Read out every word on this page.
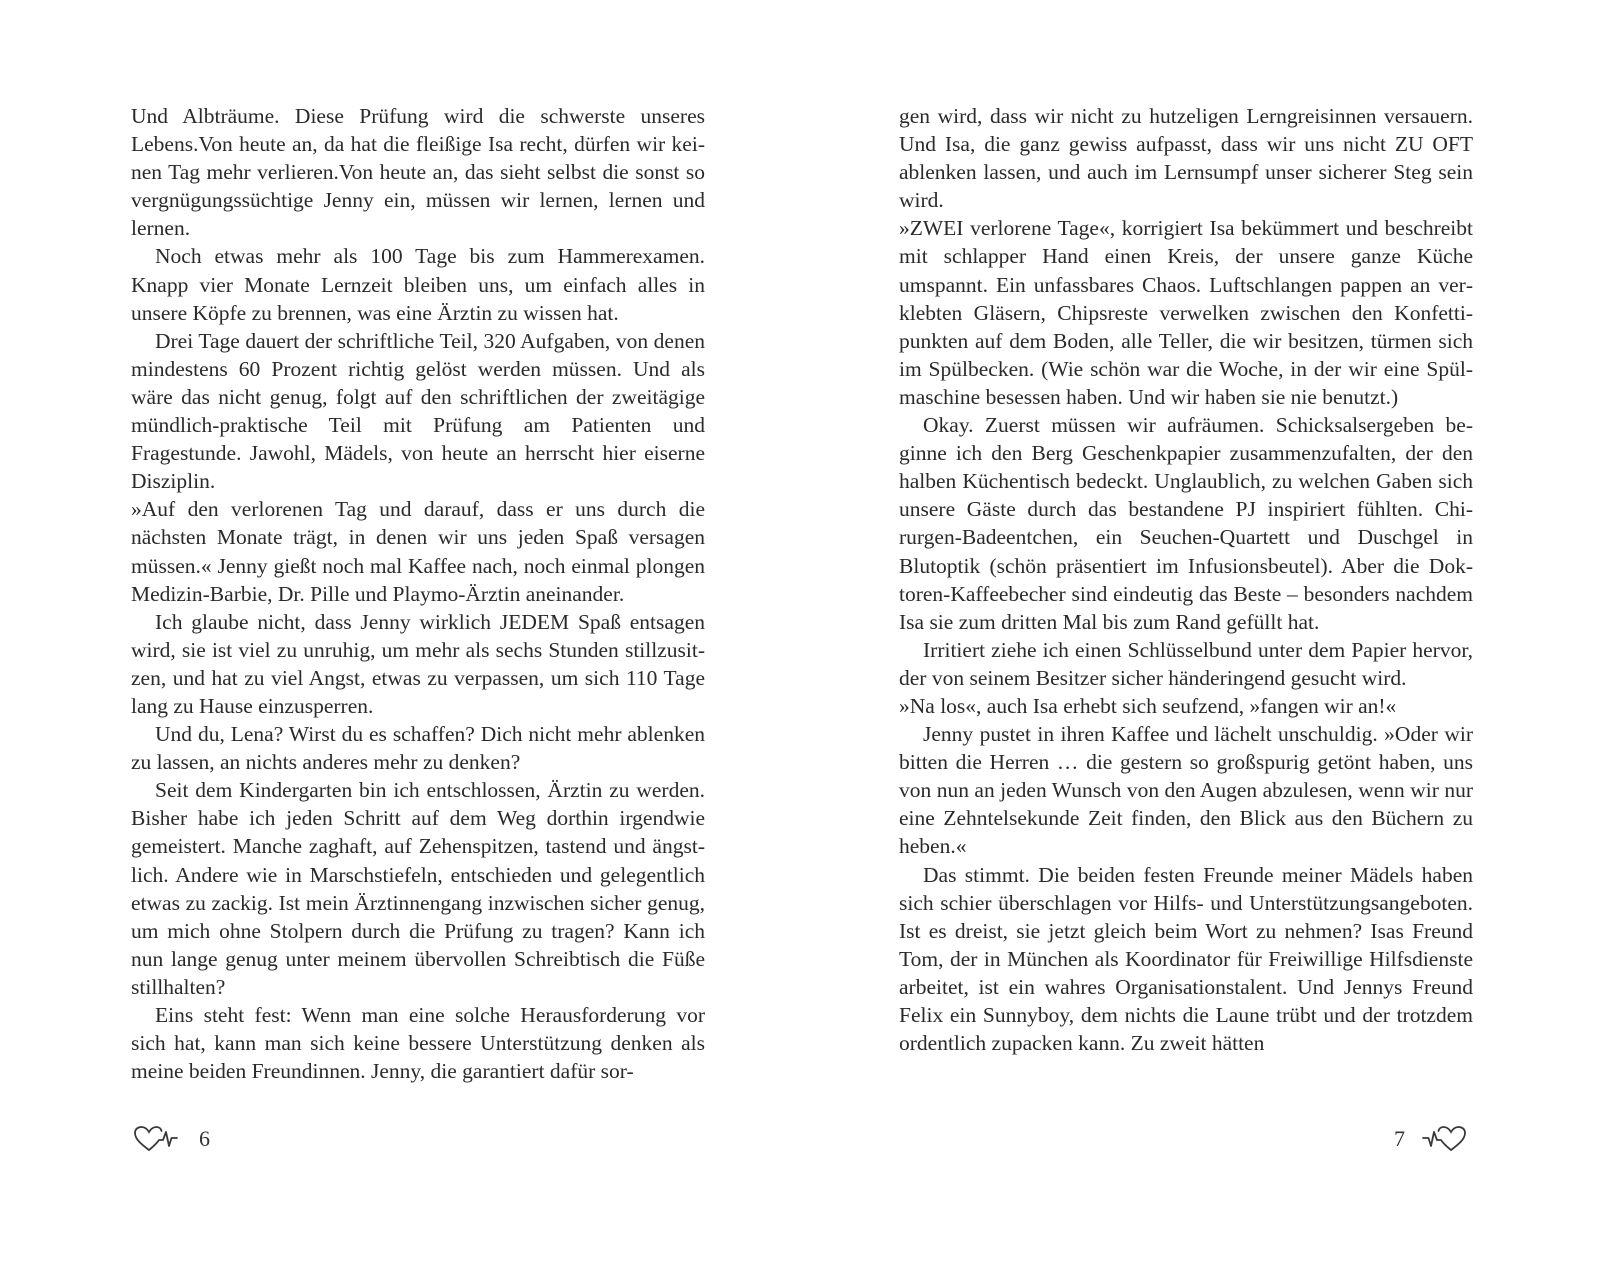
Und Albträume. Diese Prüfung wird die schwerste unseres Lebens.Von heute an, da hat die fleißige Isa recht, dürfen wir keinen Tag mehr verlieren.Von heute an, das sieht selbst die sonst so vergnügungssüchtige Jenny ein, müssen wir lernen, lernen und lernen.

Noch etwas mehr als 100 Tage bis zum Hammerexamen. Knapp vier Monate Lernzeit bleiben uns, um einfach alles in unsere Köpfe zu brennen, was eine Ärztin zu wissen hat.

Drei Tage dauert der schriftliche Teil, 320 Aufgaben, von denen mindestens 60 Prozent richtig gelöst werden müssen. Und als wäre das nicht genug, folgt auf den schriftlichen der zweitägige mündlich-praktische Teil mit Prüfung am Patienten und Fragestunde. Jawohl, Mädels, von heute an herrscht hier eiserne Disziplin.

»Auf den verlorenen Tag und darauf, dass er uns durch die nächsten Monate trägt, in denen wir uns jeden Spaß versagen müssen.« Jenny gießt noch mal Kaffee nach, noch einmal plongen Medizin-Barbie, Dr. Pille und Playmo-Ärztin aneinander.

Ich glaube nicht, dass Jenny wirklich JEDEM Spaß entsagen wird, sie ist viel zu unruhig, um mehr als sechs Stunden stillzusitzen, und hat zu viel Angst, etwas zu verpassen, um sich 110 Tage lang zu Hause einzusperren.

Und du, Lena? Wirst du es schaffen? Dich nicht mehr ablenken zu lassen, an nichts anderes mehr zu denken?

Seit dem Kindergarten bin ich entschlossen, Ärztin zu werden. Bisher habe ich jeden Schritt auf dem Weg dorthin irgendwie gemeistert. Manche zaghaft, auf Zehenspitzen, tastend und ängstlich. Andere wie in Marschstiefeln, entschieden und gelegentlich etwas zu zackig. Ist mein Ärztinnengang inzwischen sicher genug, um mich ohne Stolpern durch die Prüfung zu tragen? Kann ich nun lange genug unter meinem übervollen Schreibtisch die Füße stillhalten?

Eins steht fest: Wenn man eine solche Herausforderung vor sich hat, kann man sich keine bessere Unterstützung denken als meine beiden Freundinnen. Jenny, die garantiert dafür sor-

gen wird, dass wir nicht zu hutzeligen Lerngreisinnen versauern. Und Isa, die ganz gewiss aufpasst, dass wir uns nicht ZU OFT ablenken lassen, und auch im Lernsumpf unser sicherer Steg sein wird.

»ZWEI verlorene Tage«, korrigiert Isa bekümmert und beschreibt mit schlapper Hand einen Kreis, der unsere ganze Küche umspannt. Ein unfassbares Chaos. Luftschlangen pappen an verklebten Gläsern, Chipsreste verwelken zwischen den Konfettipunkten auf dem Boden, alle Teller, die wir besitzen, türmen sich im Spülbecken. (Wie schön war die Woche, in der wir eine Spülmaschine besessen haben. Und wir haben sie nie benutzt.)

Okay. Zuerst müssen wir aufräumen. Schicksalsergeben beginne ich den Berg Geschenkpapier zusammenzufalten, der den halben Küchentisch bedeckt. Unglaublich, zu welchen Gaben sich unsere Gäste durch das bestandene PJ inspiriert fühlten. Chirurgen-Badeentchen, ein Seuchen-Quartett und Duschgel in Blutoptik (schön präsentiert im Infusionsbeutel). Aber die Doktoren-Kaffeebecher sind eindeutig das Beste – besonders nachdem Isa sie zum dritten Mal bis zum Rand gefüllt hat.

Irritiert ziehe ich einen Schlüsselbund unter dem Papier hervor, der von seinem Besitzer sicher händeringend gesucht wird.

»Na los«, auch Isa erhebt sich seufzend, »fangen wir an!«

Jenny pustet in ihren Kaffee und lächelt unschuldig. »Oder wir bitten die Herren … die gestern so großspurig getönt haben, uns von nun an jeden Wunsch von den Augen abzulesen, wenn wir nur eine Zehntelsekunde Zeit finden, den Blick aus den Büchern zu heben.«

Das stimmt. Die beiden festen Freunde meiner Mädels haben sich schier überschlagen vor Hilfs- und Unterstützungsangeboten. Ist es dreist, sie jetzt gleich beim Wort zu nehmen? Isas Freund Tom, der in München als Koordinator für Freiwillige Hilfsdienste arbeitet, ist ein wahres Organisationstalent. Und Jennys Freund Felix ein Sunnyboy, dem nichts die Laune trübt und der trotzdem ordentlich zupacken kann. Zu zweit hätten

6	7
